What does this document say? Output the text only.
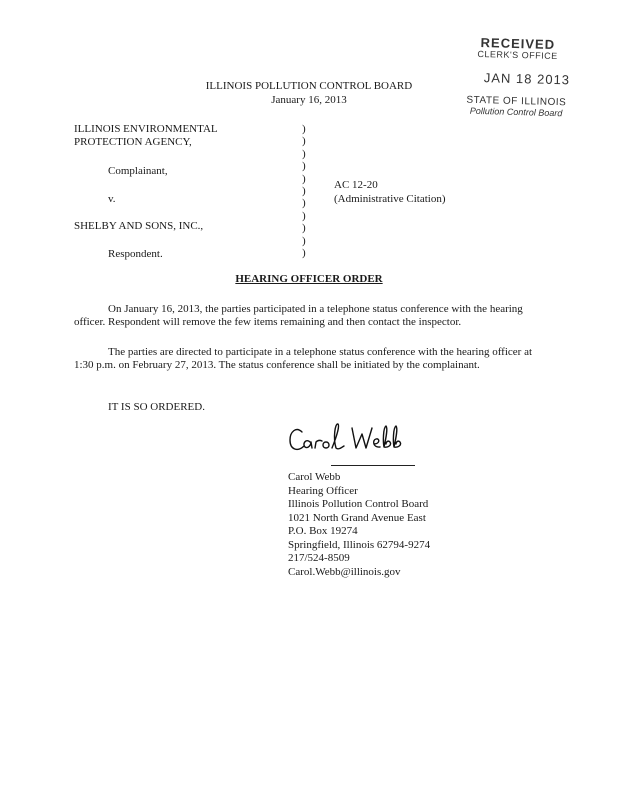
RECEIVED
CLERK'S OFFICE
JAN 18 2013
STATE OF ILLINOIS
Pollution Control Board
ILLINOIS POLLUTION CONTROL BOARD
January 16, 2013
ILLINOIS ENVIRONMENTAL
PROTECTION AGENCY,
Complainant,
v.
SHELBY AND SONS, INC.,
Respondent.
)
)
)
)
)
)
)
)
)
)
)
AC 12-20
(Administrative Citation)
HEARING OFFICER ORDER
On January 16, 2013, the parties participated in a telephone status conference with the hearing officer. Respondent will remove the few items remaining and then contact the inspector.
The parties are directed to participate in a telephone status conference with the hearing officer at 1:30 p.m. on February 27, 2013. The status conference shall be initiated by the complainant.
IT IS SO ORDERED.
Carol Webb
Hearing Officer
Illinois Pollution Control Board
1021 North Grand Avenue East
P.O. Box 19274
Springfield, Illinois 62794-9274
217/524-8509
Carol.Webb@illinois.gov
